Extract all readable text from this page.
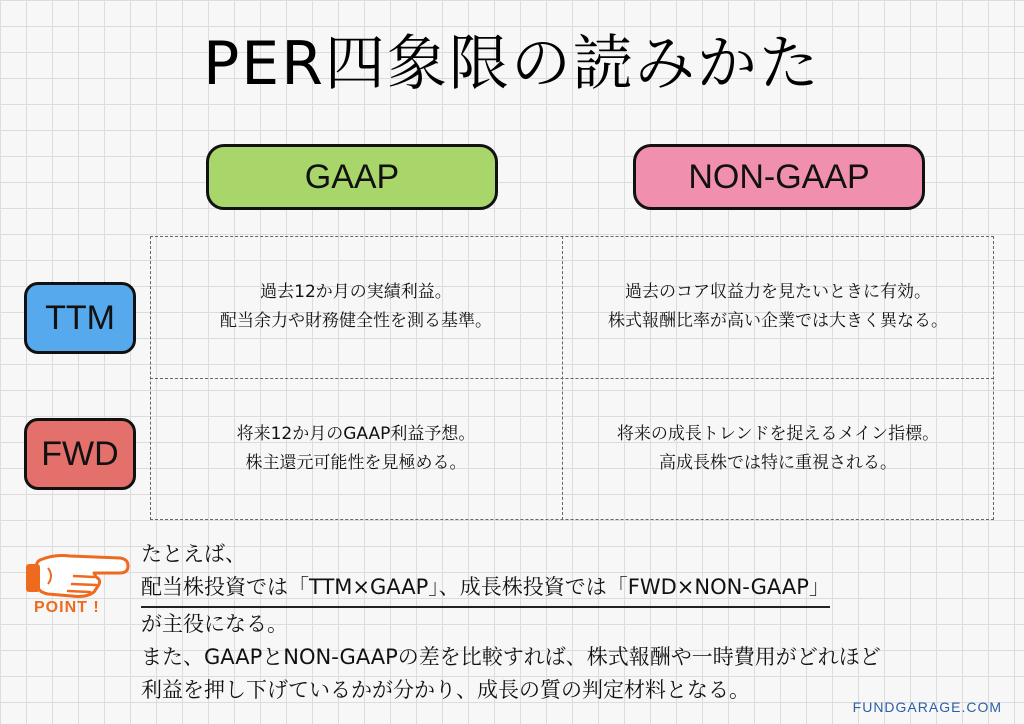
PER四象限の読みかた
GAAP	NON-GAAP
TTM
FWD
過去12か月の実績利益。
配当余力や財務健全性を測る基準。
過去のコア収益力を見たいときに有効。
株式報酬比率が高い企業では大きく異なる。
将来12か月のGAAP利益予想。
株主還元可能性を見極める。
将来の成長トレンドを捉えるメイン指標。
高成長株では特に重視される。
POINT !
たとえば、
配当株投資では「TTM×GAAP」、成長株投資では「FWD×NON-GAAP」
が主役になる。
また、GAAPとNON-GAAPの差を比較すれば、株式報酬や一時費用がどれほど
利益を押し下げているかが分かり、成長の質の判定材料となる。
FUNDGARAGE.COM
